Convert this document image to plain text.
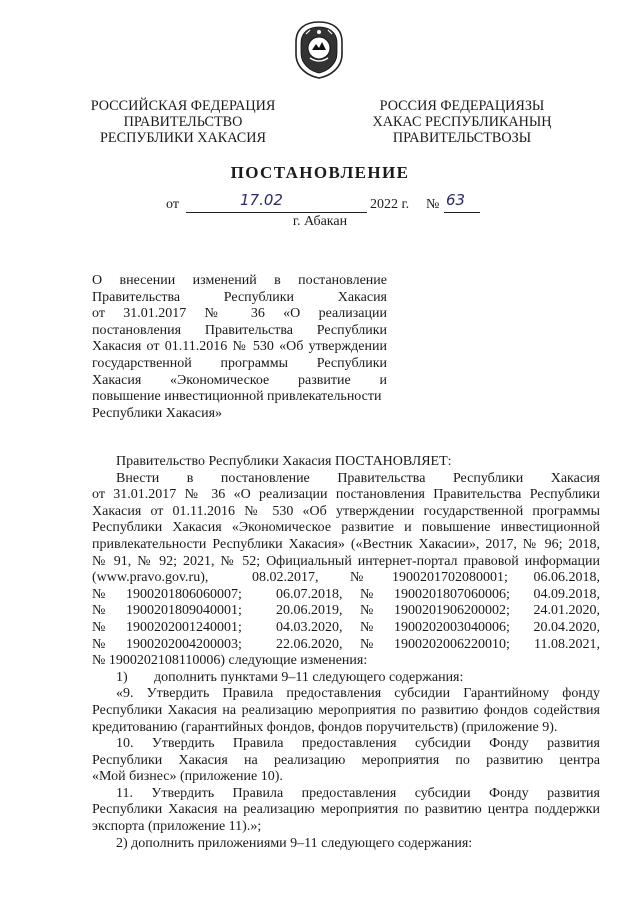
РОССИЙСКАЯ ФЕДЕРАЦИЯ
ПРАВИТЕЛЬСТВО
РЕСПУБЛИКИ ХАКАСИЯ
РОССИЯ ФЕДЕРАЦИЯЗЫ
ХАКАС РЕСПУБЛИКАНЫҢ
ПРАВИТЕЛЬСТВОЗЫ
ПОСТАНОВЛЕНИЕ
от	17.02	2022 г. № 63
г. Абакан
О внесении изменений в постановление
Правительства Республики Хакасия
от 31.01.2017 № 36 «О реализации
постановления Правительства Республики
Хакасия от 01.11.2016 № 530 «Об утверждении
государственной программы Республики
Хакасия «Экономическое развитие и
повышение инвестиционной привлекательности
Республики Хакасия»
Правительство Республики Хакасия ПОСТАНОВЛЯЕТ:
Внести в постановление Правительства Республики Хакасия
от 31.01.2017 № 36 «О реализации постановления Правительства Республики
Хакасия от 01.11.2016 № 530 «Об утверждении государственной программы
Республики Хакасия «Экономическое развитие и повышение инвестиционной
привлекательности Республики Хакасия» («Вестник Хакасии», 2017, № 96; 2018,
№ 91, № 92; 2021, № 52; Официальный интернет-портал правовой информации
(www.pravo.gov.ru),	08.02.2017, № 1900201702080001; 06.06.2018,
№ 1900201806060007; 06.07.2018, № 1900201807060006; 04.09.2018,
№ 1900201809040001; 20.06.2019, № 1900201906200002; 24.01.2020,
№ 1900202001240001; 04.03.2020, № 1900202003040006; 20.04.2020,
№ 1900202004200003; 22.06.2020, № 1900202006220010; 11.08.2021,
№ 1900202108110006) следующие изменения:
1) дополнить пунктами 9–11 следующего содержания:
«9. Утвердить Правила предоставления субсидии Гарантийному фонду
Республики Хакасия на реализацию мероприятия по развитию фондов содействия
кредитованию (гарантийных фондов, фондов поручительств) (приложение 9).
10. Утвердить Правила предоставления субсидии Фонду развития
Республики Хакасия на реализацию мероприятия по развитию центра
«Мой бизнес» (приложение 10).
11. Утвердить Правила предоставления субсидии Фонду развития
Республики Хакасия на реализацию мероприятия по развитию центра поддержки
экспорта (приложение 11).»;
2) дополнить приложениями 9–11 следующего содержания:
